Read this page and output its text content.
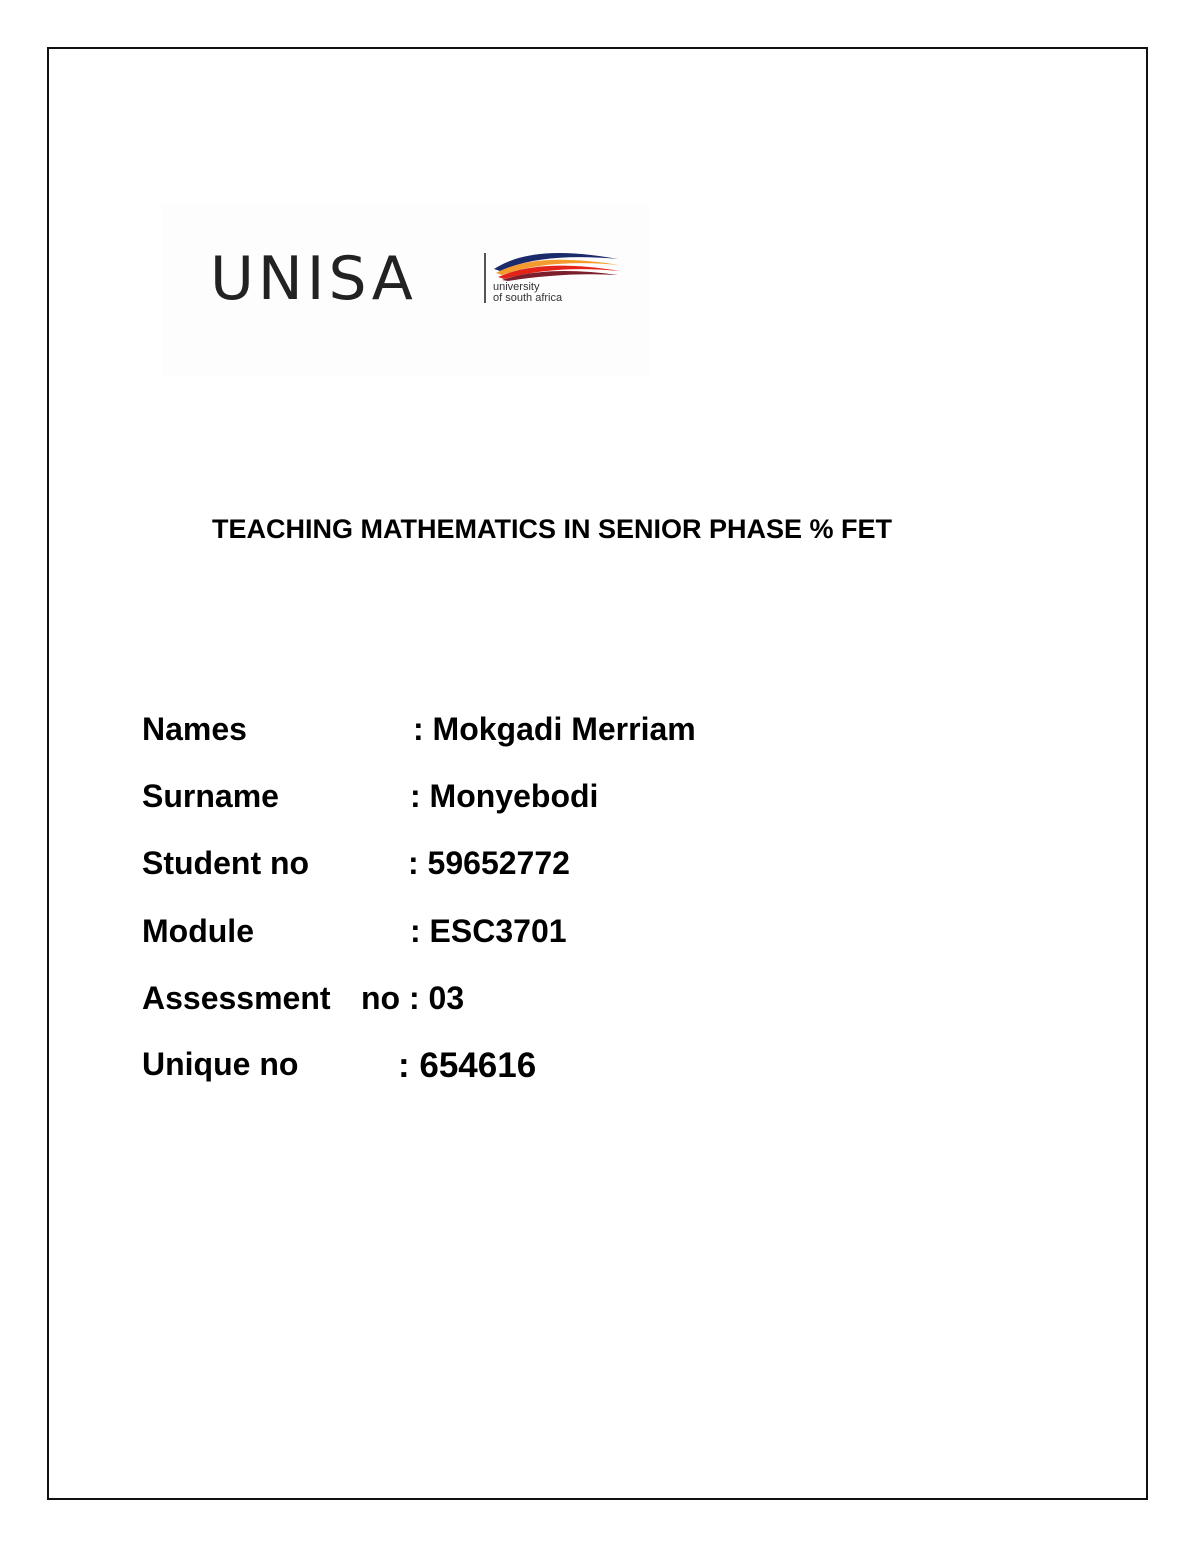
UNISA	university
of south africa
TEACHING MATHEMATICS IN SENIOR PHASE % FET
Names	: Mokgadi Merriam
Surname	: Monyebodi
Student no	: 59652772
Module	: ESC3701
Assessment no : 03
Unique no	: 654616
